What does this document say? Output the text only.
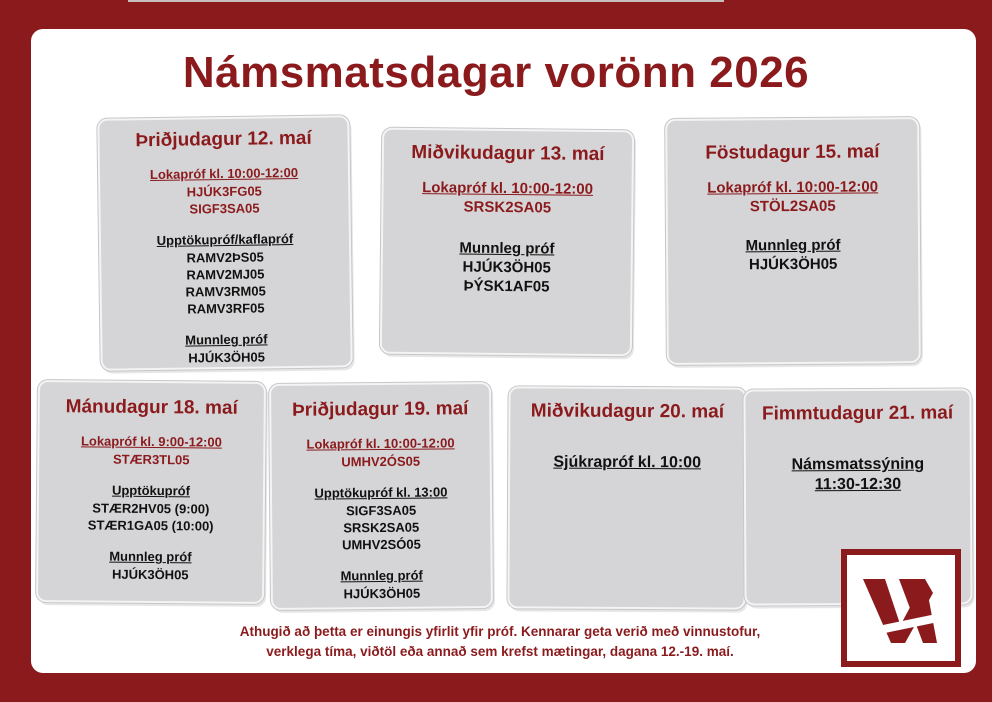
Námsmatsdagar vorönn 2026
Þriðjudagur 12. maí
Lokapróf kl. 10:00-12:00
HJÚK3FG05
SIGF3SA05
Upptökupróf/kaflapróf
RAMV2ÞS05
RAMV2MJ05
RAMV3RM05
RAMV3RF05
Munnleg próf
HJÚK3ÖH05
Miðvikudagur 13. maí
Lokapróf kl. 10:00-12:00
SRSK2SA05
Munnleg próf
HJÚK3ÖH05
ÞÝSK1AF05
Föstudagur 15. maí
Lokapróf kl. 10:00-12:00
STÖL2SA05
Munnleg próf
HJÚK3ÖH05
Mánudagur 18. maí
Lokapróf kl. 9:00-12:00
STÆR3TL05
Upptökupróf
STÆR2HV05 (9:00)
STÆR1GA05 (10:00)
Munnleg próf
HJÚK3ÖH05
Þriðjudagur 19. maí
Lokapróf kl. 10:00-12:00
UMHV2ÓS05
Upptökupróf kl. 13:00
SIGF3SA05
SRSK2SA05
UMHV2SÓ05
Munnleg próf
HJÚK3ÖH05
Miðvikudagur 20. maí
Sjúkrapróf kl. 10:00
Fimmtudagur 21. maí
Námsmatssýning
11:30-12:30
Athugið að þetta er einungis yfirlit yfir próf. Kennarar geta verið með vinnustofur,
verklega tíma, viðtöl eða annað sem krefst mætingar, dagana 12.-19. maí.
